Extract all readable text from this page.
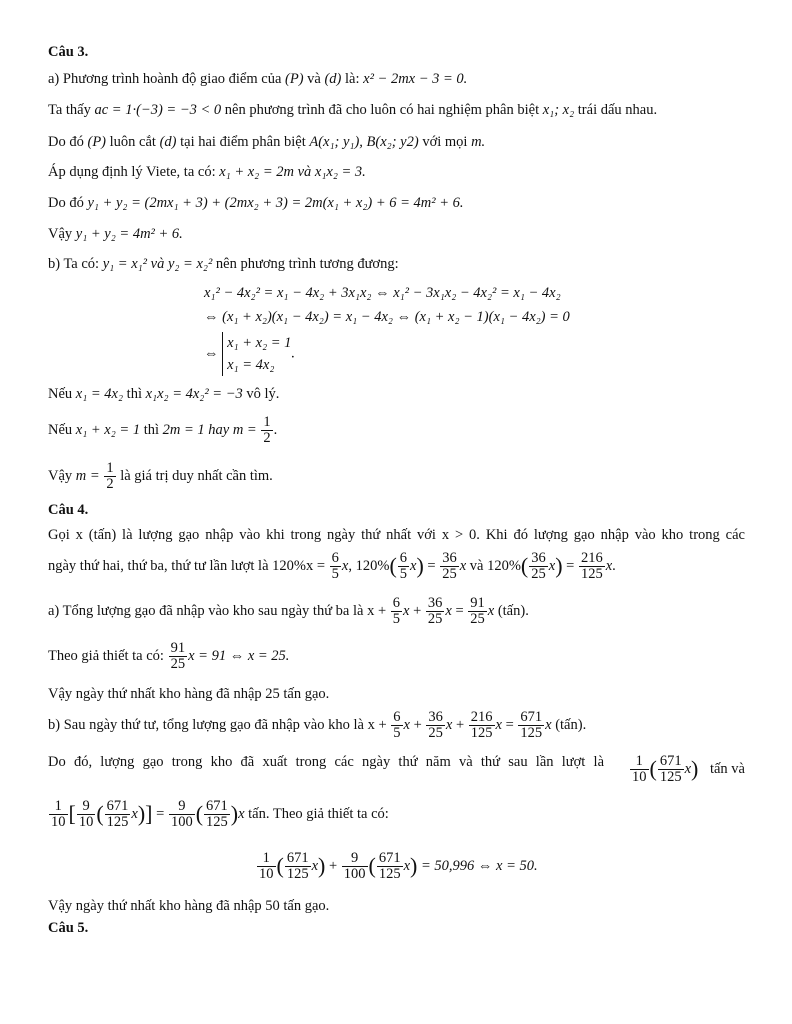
Câu 3.
a) Phương trình hoành độ giao điểm của (P) và (d) là: x² − 2mx − 3 = 0.
Ta thấy ac = 1·(−3) = −3 < 0 nên phương trình đã cho luôn có hai nghiệm phân biệt x₁; x₂ trái dấu nhau.
Do đó (P) luôn cắt (d) tại hai điểm phân biệt A(x₁; y₁), B(x₂; y2) với mọi m.
Áp dụng định lý Viete, ta có: x₁ + x₂ = 2m và x₁x₂ = 3.
Do đó y₁ + y₂ = (2mx₁ + 3) + (2mx₂ + 3) = 2m(x₁ + x₂) + 6 = 4m² + 6.
Vậy y₁ + y₂ = 4m² + 6.
b) Ta có: y₁ = x₁² và y₂ = x₂² nên phương trình tương đương:
x₁² − 4x₂² = x₁ − 4x₂ + 3x₁x₂ ⇔ x₁² − 3x₁x₂ − 4x₂² = x₁ − 4x₂
⇔ (x₁ + x₂)(x₁ − 4x₂) = x₁ − 4x₂ ⇔ (x₁ + x₂ − 1)(x₁ − 4x₂) = 0
⇔
x₁ + x₂ = 1
x₁ = 4x₂
.
Nếu x₁ = 4x₂ thì x₁x₂ = 4x₂² = −3 vô lý.
Nếu x₁ + x₂ = 1 thì 2m = 1 hay $m = \frac{1}{2}$ .
Vậy $m = \frac{1}{2}$ là giá trị duy nhất cần tìm.
Câu 4.
Gọi x (tấn) là lượng gạo nhập vào khi trong ngày thứ nhất với x > 0. Khi đó lượng gạo nhập vào kho trong các
ngày thứ hai, thứ ba, thứ tư lần lượt là $120\%x = \frac{6}{5} x$, $120\%( \frac{6}{5} x) = \frac{36}{25}$ x và $120\%( \frac{36}{25} x) = \frac{216}{125} x$.
a) Tổng lượng gạo đã nhập vào kho sau ngày thứ ba là $x + \frac{6}{5}$ $x + \frac{36}{25}$ $x = \frac{91}{25}$ x (tấn).
Theo giả thiết ta có: $\frac{91}{25}$ x = 91 ⇔ x = 25.
Vậy ngày thứ nhất kho hàng đã nhập 25 tấn gạo.
b) Sau ngày thứ tư, tổng lượng gạo đã nhập vào kho là $x + \frac{6}{5}$ $x + \frac{36}{25}$ $x + \frac{216}{125}$ $x = \frac{671}{125}$ x (tấn).
Do đó, lượng gạo trong kho đã xuất trong các ngày thứ năm và thứ sau lần lượt là $\frac{1}{10}$ ( $\frac{671}{125} x$) tấn và
$\frac{1}{10}$ [ $\frac{9}{10}$ ( $\frac{671}{125} x)] = \frac{9}{100}$ ( $\frac{671}{125} )x$ tấn. Theo giả thiết ta có:
$\frac{1}{10}$ ( $\frac{671}{125} x) + \frac{9}{100}$ ( $\frac{671}{125} x) = 50,996$ ⇔ x = 50.
Vậy ngày thứ nhất kho hàng đã nhập 50 tấn gạo.
Câu 5.
